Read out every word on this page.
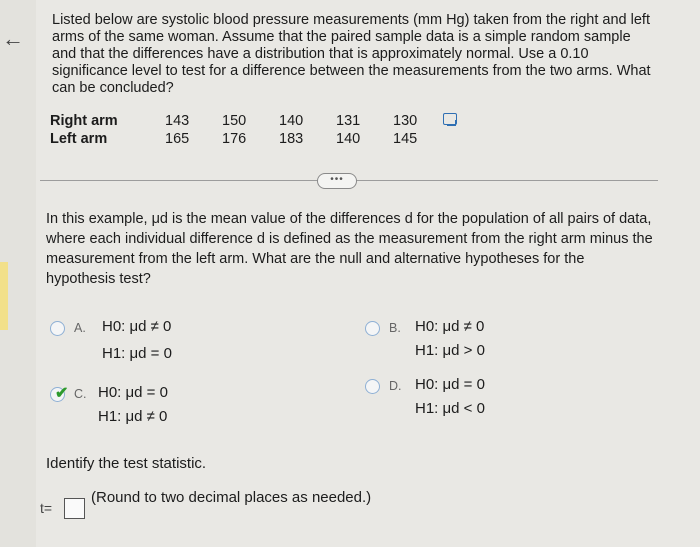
←
Listed below are systolic blood pressure measurements (mm Hg) taken from the right and left arms of the same woman. Assume that the paired sample data is a simple random sample and that the differences have a distribution that is approximately normal. Use a 0.10 significance level to test for a difference between the measurements from the two arms. What can be concluded?
Right arm	143	150	140	131	130
Left arm	165	176	183	140	145
•••
In this example, μd is the mean value of the differences d for the population of all pairs of data, where each individual difference d is defined as the measurement from the right arm minus the measurement from the left arm. What are the null and alternative hypotheses for the hypothesis test?
A. H0: μd ≠ 0
H1: μd = 0
B. H0: μd ≠ 0
H1: μd > 0
✔ C. H0: μd = 0
H1: μd ≠ 0
D. H0: μd = 0
H1: μd < 0
Identify the test statistic.
t=
(Round to two decimal places as needed.)
